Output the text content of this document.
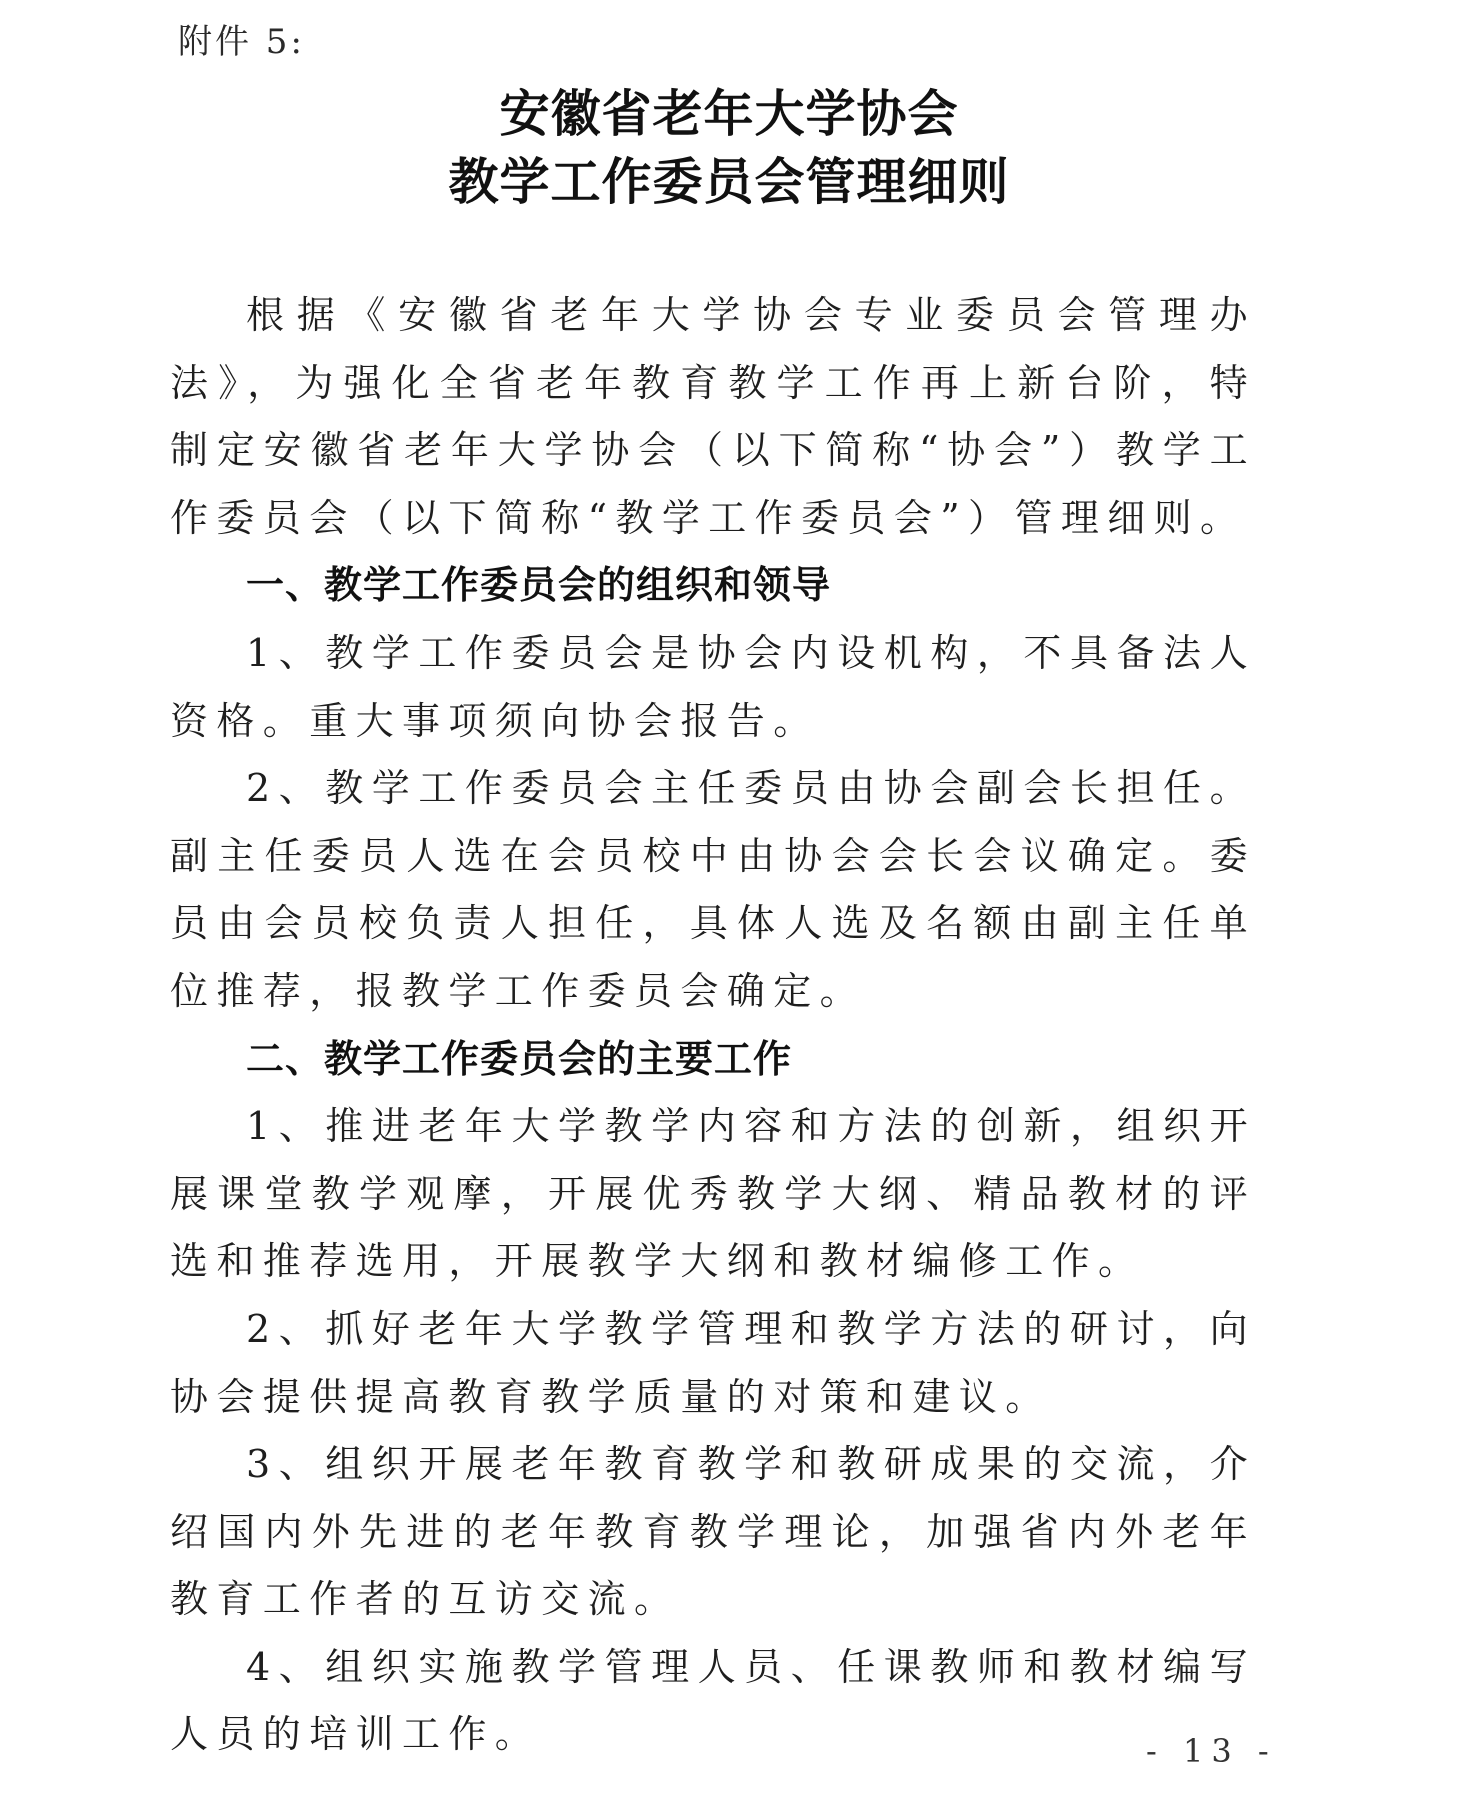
附件 5:
安徽省老年大学协会
教学工作委员会管理细则

根据《安徽省老年大学协会专业委员会管理办法》，为强化全省老年教育教学工作再上新台阶，特制定安徽省老年大学协会（以下简称“协会”）教学工作委员会（以下简称“教学工作委员会”）管理细则。

一、教学工作委员会的组织和领导

1、教学工作委员会是协会内设机构，不具备法人资格。重大事项须向协会报告。

2、教学工作委员会主任委员由协会副会长担任。副主任委员人选在会员校中由协会会长会议确定。委员由会员校负责人担任，具体人选及名额由副主任单位推荐，报教学工作委员会确定。

二、教学工作委员会的主要工作

1、推进老年大学教学内容和方法的创新，组织开展课堂教学观摩，开展优秀教学大纲、精品教材的评选和推荐选用，开展教学大纲和教材编修工作。

2、抓好老年大学教学管理和教学方法的研讨，向协会提供提高教育教学质量的对策和建议。

3、组织开展老年教育教学和教研成果的交流，介绍国内外先进的老年教育教学理论，加强省内外老年教育工作者的互访交流。

4、组织实施教学管理人员、任课教师和教材编写人员的培训工作。	- 13 -
